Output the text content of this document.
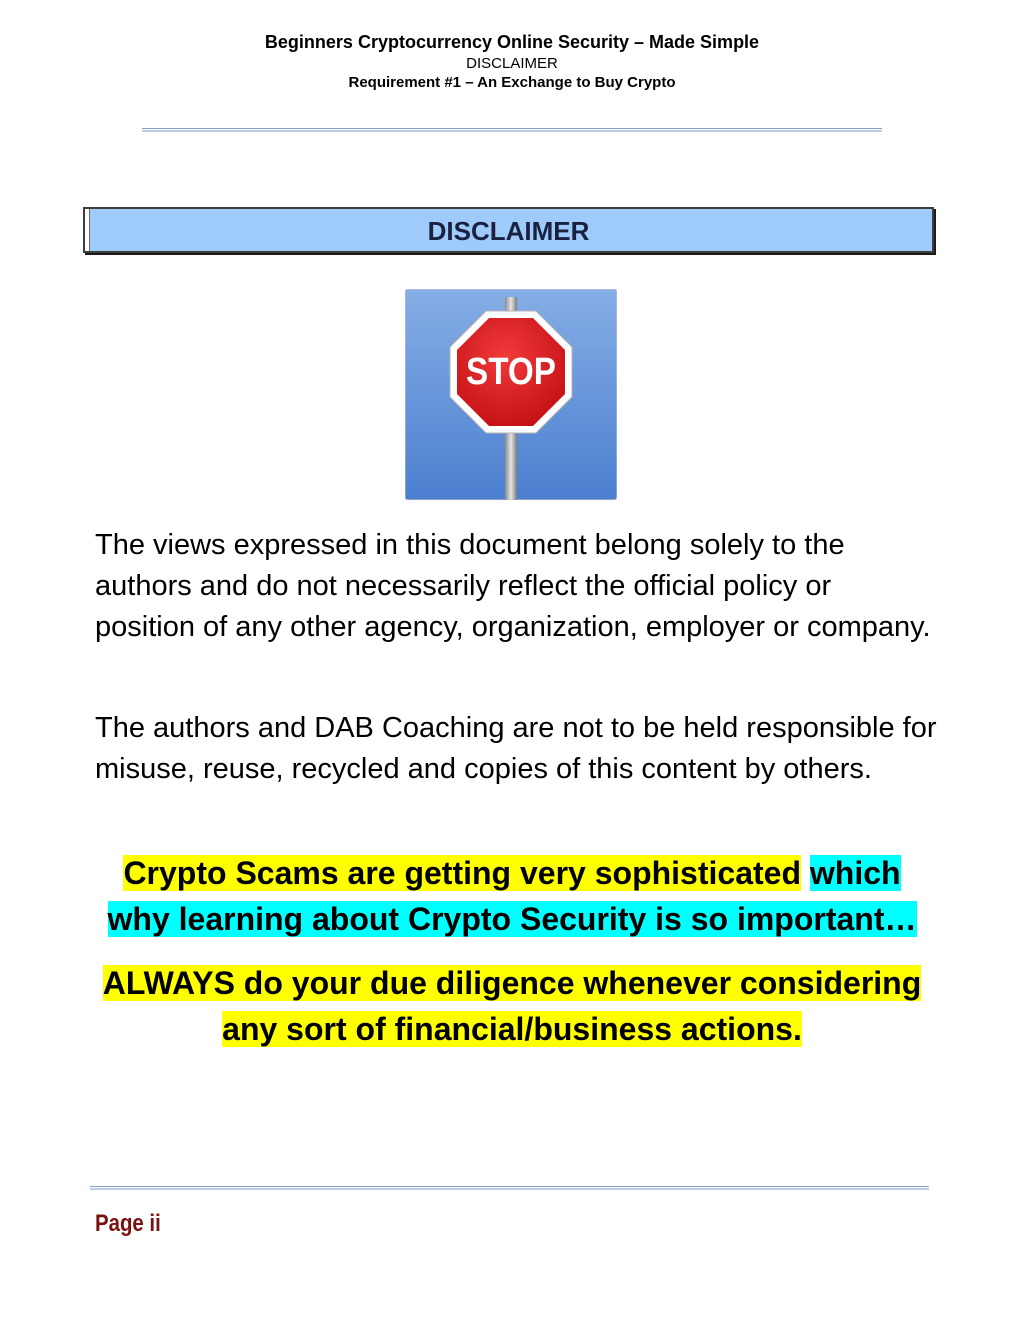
Beginners Cryptocurrency Online Security – Made Simple
DISCLAIMER
Requirement #1 – An Exchange to Buy Crypto
DISCLAIMER
STOP

The views expressed in this document belong solely to the authors and do not necessarily reflect the official policy or position of any other agency, organization, employer or company.

The authors and DAB Coaching are not to be held responsible for misuse, reuse, recycled and copies of this content by others.

Crypto Scams are getting very sophisticated which
why learning about Crypto Security is so important…

ALWAYS do your due diligence whenever considering
any sort of financial/business actions.

Page ii
